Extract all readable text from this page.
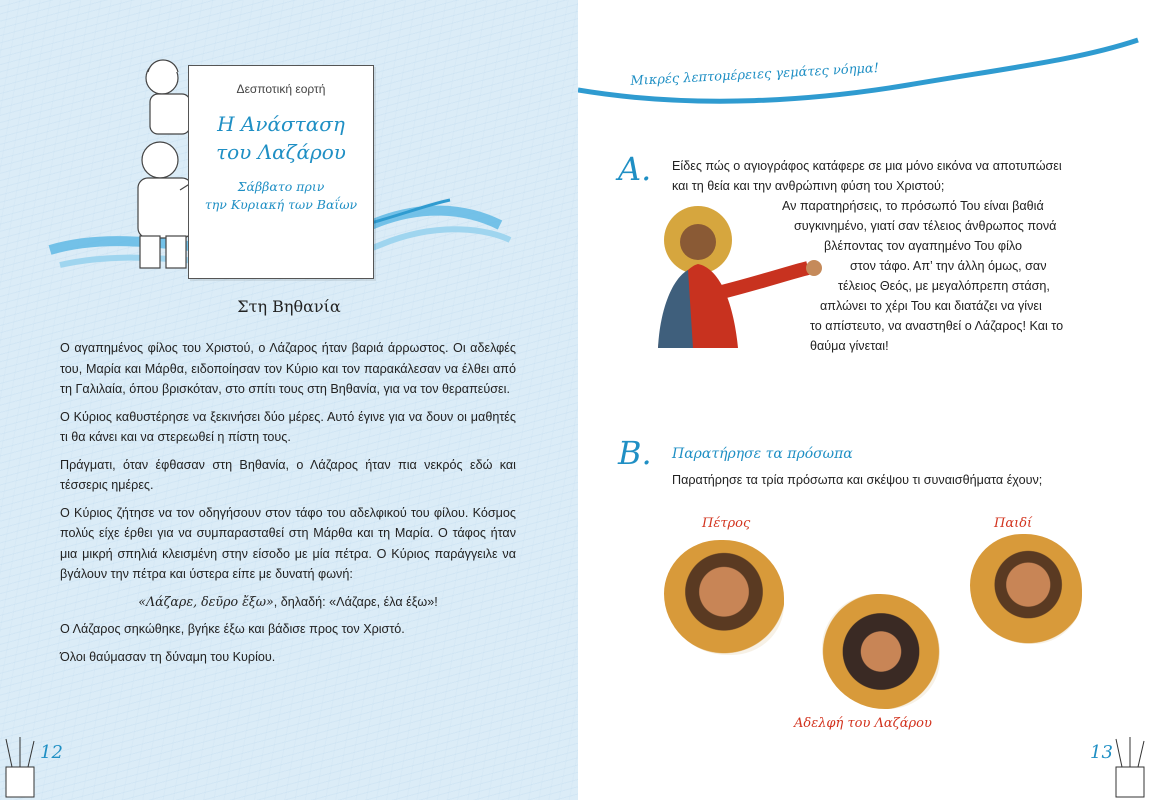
Δεσποτική εορτή
Η Ανάσταση
του Λαζάρου
Σάββατο πριν
την Κυριακή των Βαΐων
Στη Βηθανία

Ο αγαπημένος φίλος του Χριστού, ο Λάζαρος ήταν βαριά άρρωστος. Οι αδελφές του, Μαρία και Μάρθα, ειδοποίησαν τον Κύριο και τον παρακάλεσαν να έλθει από τη Γαλιλαία, όπου βρισκόταν, στο σπίτι τους στη Βηθανία, για να τον θεραπεύσει.

Ο Κύριος καθυστέρησε να ξεκινήσει δύο μέρες. Αυτό έγινε για να δουν οι μαθητές τι θα κάνει και να στερεωθεί η πίστη τους.

Πράγματι, όταν έφθασαν στη Βηθανία, ο Λάζαρος ήταν πια νεκρός εδώ και τέσσερις ημέρες.

Ο Κύριος ζήτησε να τον οδηγήσουν στον τάφο του αδελφικού του φίλου. Κόσμος πολύς είχε έρθει για να συμπαρασταθεί στη Μάρθα και τη Μαρία. Ο τάφος ήταν μια μικρή σπηλιά κλεισμένη στην είσοδο με μία πέτρα. Ο Κύριος παράγγειλε να βγάλουν την πέτρα και ύστερα είπε με δυνατή φωνή:

«Λάζαρε, δεῦρο ἔξω», δηλαδή: «Λάζαρε, έλα έξω»!

Ο Λάζαρος σηκώθηκε, βγήκε έξω και βάδισε προς τον Χριστό.

Όλοι θαύμασαν τη δύναμη του Κυρίου.

12
Μικρές λεπτομέρειες γεμάτες νόημα!
Α. Είδες πώς ο αγιογράφος κατάφερε σε μια μόνο εικόνα να αποτυπώσει
και τη θεία και την ανθρώπινη φύση του Χριστού;
Αν παρατηρήσεις, το πρόσωπό Του είναι βαθιά
συγκινημένο, γιατί σαν τέλειος άνθρωπος πονά
βλέποντας τον αγαπημένο Του φίλο
στον τάφο. Απ’ την άλλη όμως, σαν
τέλειος Θεός, με μεγαλόπρεπη στάση,
απλώνει το χέρι Του και διατάζει να γίνει
το απίστευτο, να αναστηθεί ο Λάζαρος! Και το
θαύμα γίνεται!
Β. Παρατήρησε τα πρόσωπα
Παρατήρησε τα τρία πρόσωπα και σκέψου τι συναισθήματα έχουν;
Πέτρος
Αδελφή του Λαζάρου
Παιδί
13
